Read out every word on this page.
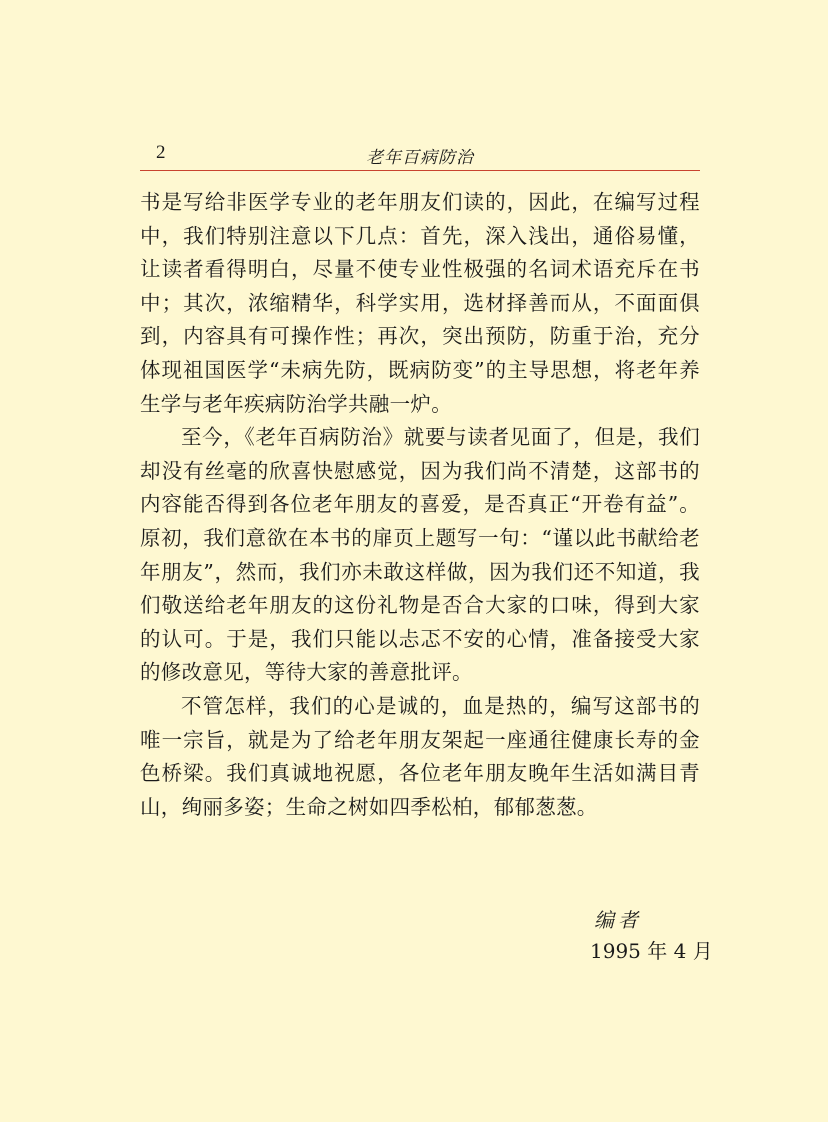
2	老年百病防治

书是写给非医学专业的老年朋友们读的，因此，在编写过程中，我们特别注意以下几点：首先，深入浅出，通俗易懂，让读者看得明白，尽量不使专业性极强的名词术语充斥在书中；其次，浓缩精华，科学实用，选材择善而从，不面面俱到，内容具有可操作性；再次，突出预防，防重于治，充分体现祖国医学“未病先防，既病防变”的主导思想，将老年养生学与老年疾病防治学共融一炉。

至今，《老年百病防治》就要与读者见面了，但是，我们却没有丝毫的欣喜快慰感觉，因为我们尚不清楚，这部书的内容能否得到各位老年朋友的喜爱，是否真正“开卷有益”。原初，我们意欲在本书的扉页上题写一句：“谨以此书献给老年朋友”，然而，我们亦未敢这样做，因为我们还不知道，我们敬送给老年朋友的这份礼物是否合大家的口味，得到大家的认可。于是，我们只能以忐忑不安的心情，准备接受大家的修改意见，等待大家的善意批评。

不管怎样，我们的心是诚的，血是热的，编写这部书的唯一宗旨，就是为了给老年朋友架起一座通往健康长寿的金色桥梁。我们真诚地祝愿，各位老年朋友晚年生活如满目青山，绚丽多姿；生命之树如四季松柏，郁郁葱葱。

编者
1995 年 4 月
